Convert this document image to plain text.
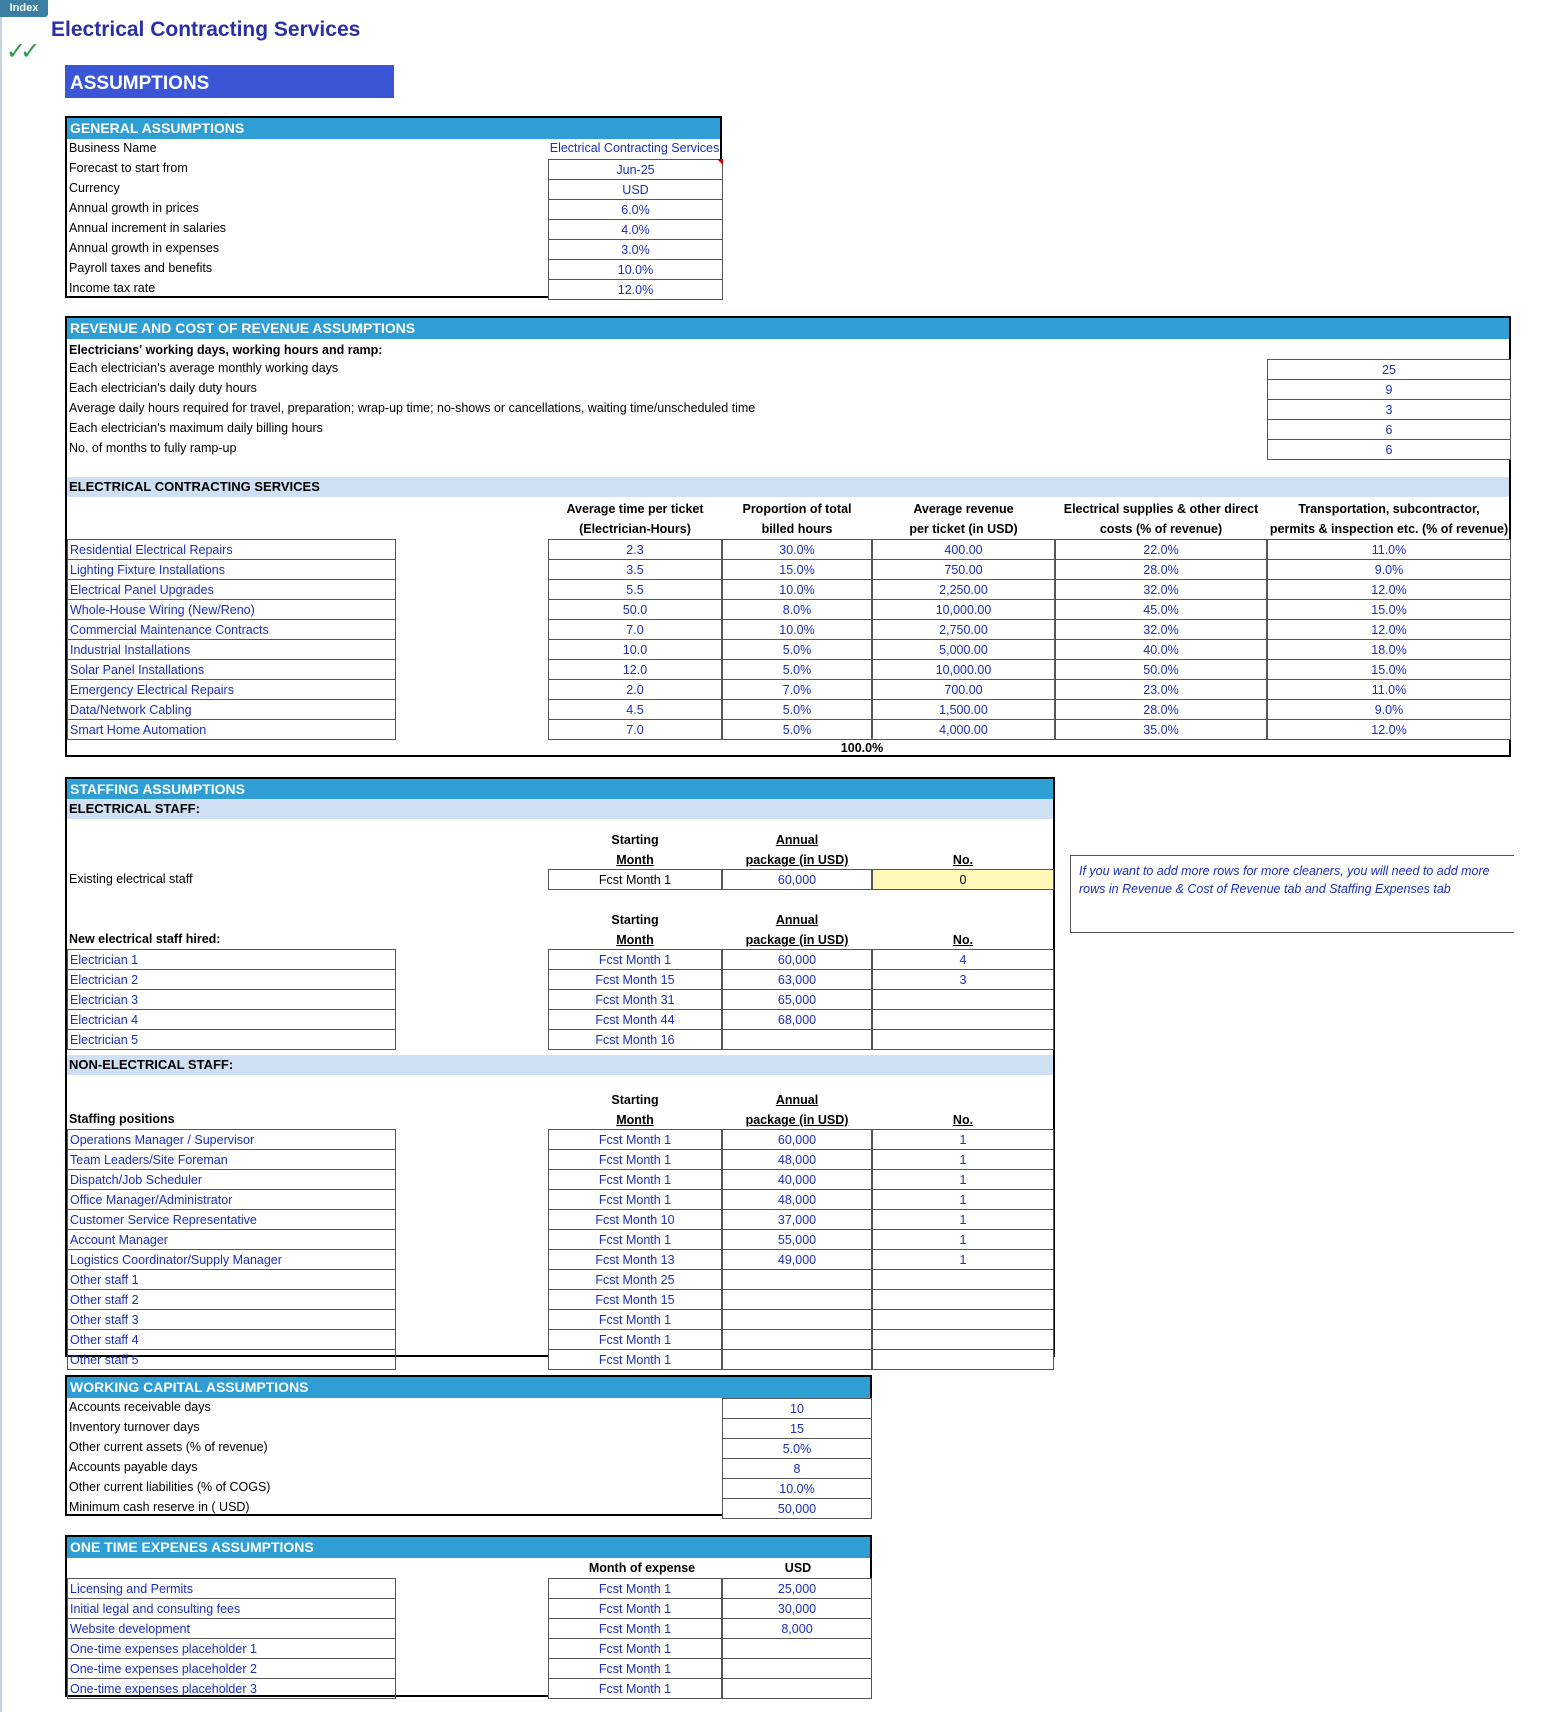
Index
✓✓
Electrical Contracting Services
ASSUMPTIONS
GENERAL ASSUMPTIONS
Business Name	Electrical Contracting Services
Forecast to start from	Jun-25
Currency	USD
Annual growth in prices	6.0%
Annual increment in salaries	4.0%
Annual growth in expenses	3.0%
Payroll taxes and benefits	10.0%
Income tax rate	12.0%
REVENUE AND COST OF REVENUE ASSUMPTIONS
Electricians' working days, working hours and ramp:
Each electrician's average monthly working days	25
Each electrician's daily duty hours	9
Average daily hours required for travel, preparation; wrap-up time; no-shows or cancellations, waiting time/unscheduled time	3
Each electrician's maximum daily billing hours	6
No. of months to fully ramp-up	6
ELECTRICAL CONTRACTING SERVICES
Average time per ticket
(Electrician-Hours)
Proportion of total
billed hours
Average revenue
per ticket (in USD)
Electrical supplies & other direct
costs (% of revenue)
Transportation, subcontractor,
permits & inspection etc. (% of revenue)
Residential Electrical Repairs	2.3	30.0%	400.00	22.0%	11.0%
Lighting Fixture Installations	3.5	15.0%	750.00	28.0%	9.0%
Electrical Panel Upgrades	5.5	10.0%	2,250.00	32.0%	12.0%
Whole-House Wiring (New/Reno)	50.0	8.0%	10,000.00	45.0%	15.0%
Commercial Maintenance Contracts	7.0	10.0%	2,750.00	32.0%	12.0%
Industrial Installations	10.0	5.0%	5,000.00	40.0%	18.0%
Solar Panel Installations	12.0	5.0%	10,000.00	50.0%	15.0%
Emergency Electrical Repairs	2.0	7.0%	700.00	23.0%	11.0%
Data/Network Cabling	4.5	5.0%	1,500.00	28.0%	9.0%
Smart Home Automation	7.0	5.0%	4,000.00	35.0%	12.0%
100.0%
STAFFING ASSUMPTIONS
ELECTRICAL STAFF:
Starting
Month
Annual
package (in USD)	No.
Existing electrical staff	Fcst Month 1	60,000	0
Starting
Month
Annual
package (in USD)	No.
New electrical staff hired:
Electrician 1	Fcst Month 1	60,000	4
Electrician 2	Fcst Month 15	63,000	3
Electrician 3	Fcst Month 31	65,000
Electrician 4	Fcst Month 44	68,000
Electrician 5	Fcst Month 16
NON-ELECTRICAL STAFF:
Starting
Month
Annual
package (in USD)	No.
Staffing positions
Operations Manager / Supervisor	Fcst Month 1	60,000	1
Team Leaders/Site Foreman	Fcst Month 1	48,000	1
Dispatch/Job Scheduler	Fcst Month 1	40,000	1
Office Manager/Administrator	Fcst Month 1	48,000	1
Customer Service Representative	Fcst Month 10	37,000	1
Account Manager	Fcst Month 1	55,000	1
Logistics Coordinator/Supply Manager	Fcst Month 13	49,000	1
Other staff 1	Fcst Month 25
Other staff 2	Fcst Month 15
Other staff 3	Fcst Month 1
Other staff 4	Fcst Month 1
Other staff 5	Fcst Month 1
If you want to add more rows for more cleaners, you will need to add more rows in Revenue & Cost of Revenue tab and Staffing Expenses tab
WORKING CAPITAL ASSUMPTIONS
Accounts receivable days	10
Inventory turnover days	15
Other current assets (% of revenue)	5.0%
Accounts payable days	8
Other current liabilities (% of COGS)	10.0%
Minimum cash reserve in ( USD)	50,000
ONE TIME EXPENES ASSUMPTIONS
Month of expense	USD
Licensing and Permits	Fcst Month 1	25,000
Initial legal and consulting fees	Fcst Month 1	30,000
Website development	Fcst Month 1	8,000
One-time expenses placeholder 1	Fcst Month 1
One-time expenses placeholder 2	Fcst Month 1
One-time expenses placeholder 3	Fcst Month 1
